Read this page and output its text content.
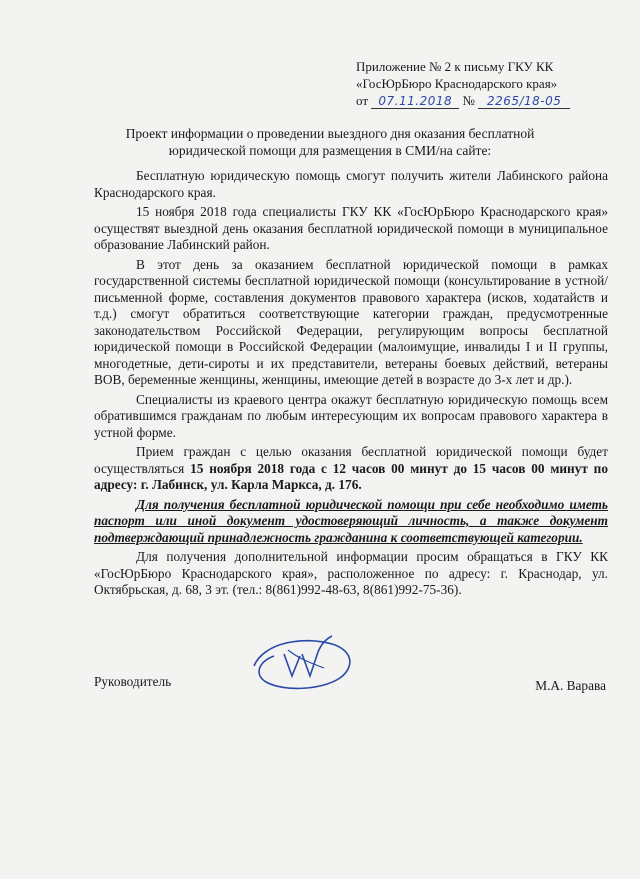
Приложение № 2 к письму ГКУ КК
«ГосЮрБюро Краснодарского края»
от 07.11.2018 № 2265/18-05
Проект информации о проведении выездного дня оказания бесплатной юридической помощи для размещения в СМИ/на сайте:

Бесплатную юридическую помощь смогут получить жители Лабинского района Краснодарского края.

15 ноября 2018 года специалисты ГКУ КК «ГосЮрБюро Краснодарского края» осуществят выездной день оказания бесплатной юридической помощи в муниципальное образование Лабинский район.

В этот день за оказанием бесплатной юридической помощи в рамках государственной системы бесплатной юридической помощи (консультирование в устной/письменной форме, составления документов правового характера (исков, ходатайств и т.д.) смогут обратиться соответствующие категории граждан, предусмотренные законодательством Российской Федерации, регулирующим вопросы бесплатной юридической помощи в Российской Федерации (малоимущие, инвалиды I и II группы, многодетные, дети-сироты и их представители, ветераны боевых действий, ветераны ВОВ, беременные женщины, женщины, имеющие детей в возрасте до 3-х лет и др.).

Специалисты из краевого центра окажут бесплатную юридическую помощь всем обратившимся гражданам по любым интересующим их вопросам правового характера в устной форме.

Прием граждан с целью оказания бесплатной юридической помощи будет осуществляться 15 ноября 2018 года с 12 часов 00 минут до 15 часов 00 минут по адресу: г. Лабинск, ул. Карла Маркса, д. 176.

Для получения бесплатной юридической помощи при себе необходимо иметь паспорт или иной документ удостоверяющий личность, а также документ подтверждающий принадлежность гражданина к соответствующей категории.

Для получения дополнительной информации просим обращаться в ГКУ КК «ГосЮрБюро Краснодарского края», расположенное по адресу: г. Краснодар, ул. Октябрьская, д. 68, 3 эт. (тел.: 8(861)992-48-63, 8(861)992-75-36).

Руководитель	М.А. Варава
